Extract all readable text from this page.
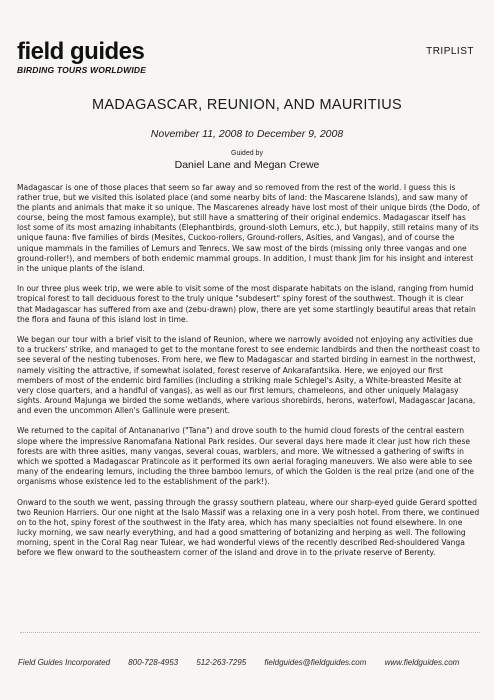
field guides
BIRDING TOURS WORLDWIDE
TRIPLIST
MADAGASCAR, REUNION, AND MAURITIUS
November 11, 2008 to December 9, 2008
Guided by
Daniel Lane and Megan Crewe

Madagascar is one of those places that seem so far away and so removed from the rest of the world. I guess this is rather true, but we visited this isolated place (and some nearby bits of land: the Mascarene Islands), and saw many of the plants and animals that make it so unique. The Mascarenes already have lost most of their unique birds (the Dodo, of course, being the most famous example), but still have a smattering of their original endemics. Madagascar itself has lost some of its most amazing inhabitants (Elephantbirds, ground-sloth Lemurs, etc.), but happily, still retains many of its unique fauna: five families of birds (Mesites, Cuckoo-rollers, Ground-rollers, Asities, and Vangas), and of course the unique mammals in the families of Lemurs and Tenrecs. We saw most of the birds (missing only three vangas and one ground-roller!), and members of both endemic mammal groups. In addition, I must thank Jim for his insight and interest in the unique plants of the island.

In our three plus week trip, we were able to visit some of the most disparate habitats on the island, ranging from humid tropical forest to tall deciduous forest to the truly unique "subdesert" spiny forest of the southwest. Though it is clear that Madagascar has suffered from axe and (zebu-drawn) plow, there are yet some startlingly beautiful areas that retain the flora and fauna of this island lost in time.

We began our tour with a brief visit to the island of Reunion, where we narrowly avoided not enjoying any activities due to a truckers' strike, and managed to get to the montane forest to see endemic landbirds and then the northeast coast to see several of the nesting tubenoses. From here, we flew to Madagascar and started birding in earnest in the northwest, namely visiting the attractive, if somewhat isolated, forest reserve of Ankarafantsika. Here, we enjoyed our first members of most of the endemic bird families (including a striking male Schlegel's Asity, a White-breasted Mesite at very close quarters, and a handful of vangas), as well as our first lemurs, chameleons, and other uniquely Malagasy sights. Around Majunga we birded the some wetlands, where various shorebirds, herons, waterfowl, Madagascar Jacana, and even the uncommon Allen's Gallinule were present.

We returned to the capital of Antananarivo ("Tana") and drove south to the humid cloud forests of the central eastern slope where the impressive Ranomafana National Park resides. Our several days here made it clear just how rich these forests are with three asities, many vangas, several couas, warblers, and more. We witnessed a gathering of swifts in which we spotted a Madagascar Pratincole as it performed its own aerial foraging maneuvers. We also were able to see many of the endearing lemurs, including the three bamboo lemurs, of which the Golden is the real prize (and one of the organisms whose existence led to the establishment of the park!).

Onward to the south we went, passing through the grassy southern plateau, where our sharp-eyed guide Gerard spotted two Reunion Harriers. Our one night at the Isalo Massif was a relaxing one in a very posh hotel. From there, we continued on to the hot, spiny forest of the southwest in the Ifaty area, which has many specialties not found elsewhere. In one lucky morning, we saw nearly everything, and had a good smattering of botanizing and herping as well. The following morning, spent in the Coral Rag near Tulear, we had wonderful views of the recently described Red-shouldered Vanga before we flew onward to the southeastern corner of the island and drove in to the private reserve of Berenty.

Field Guides Incorporated 800-728-4953 512-263-7295 fieldguides@fieldguides.com www.fieldguides.com
